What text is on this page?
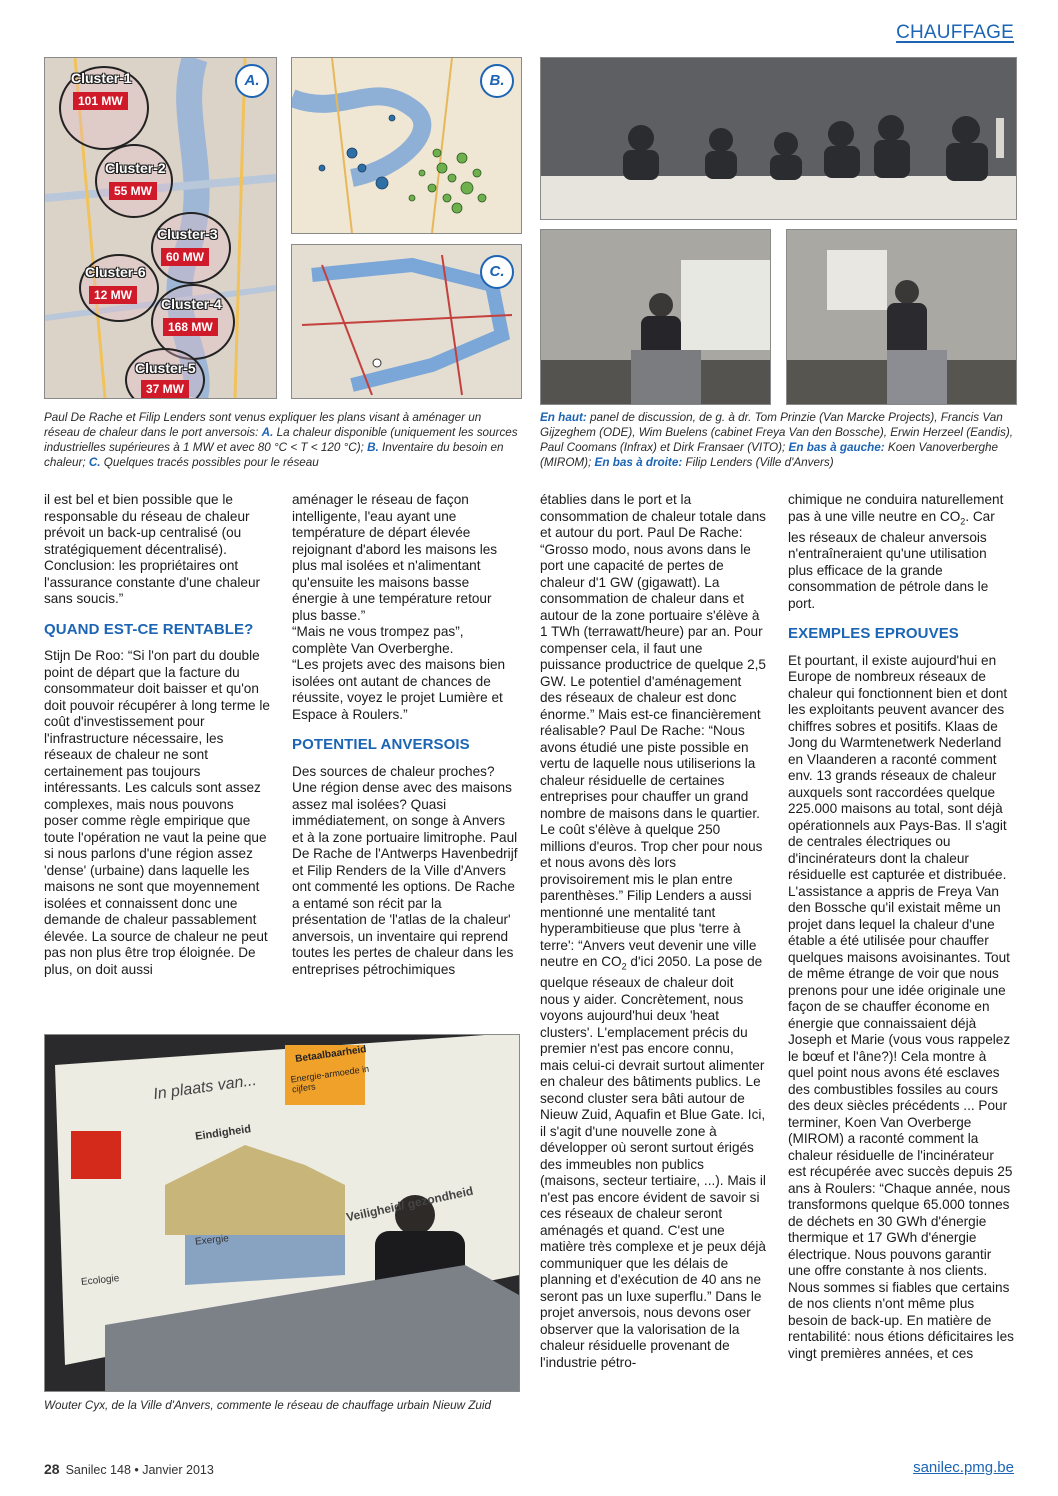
CHAUFFAGE
Cluster-1
101 MW
Cluster-2
55 MW
Cluster-3
60 MW
Cluster-6
12 MW
Cluster-4
168 MW
Cluster-5
37 MW
A.	B.
C.
Paul De Rache et Filip Lenders sont venus expliquer les plans visant à aménager un réseau de chaleur dans le port anversois: A. La chaleur disponible (uniquement les sources industrielles supérieures à 1 MW et avec 80 °C < T < 120 °C); B. Inventaire du besoin en chaleur; C. Quelques tracés possibles pour le réseau
En haut: panel de discussion, de g. à dr. Tom Prinzie (Van Marcke Projects), Francis Van Gijzeghem (ODE), Wim Buelens (cabinet Freya Van den Bossche), Erwin Herzeel (Eandis), Paul Coomans (Infrax) et Dirk Fransaer (VITO); En bas à gauche: Koen Vanoverberghe (MIROM); En bas à droite: Filip Lenders (Ville d'Anvers)

il est bel et bien possible que le responsable du réseau de chaleur prévoit un back-up centralisé (ou stratégiquement décentralisé). Conclusion: les propriétaires ont l'assurance constante d'une chaleur sans soucis.”

QUAND EST-CE RENTABLE?

Stijn De Roo: “Si l'on part du double point de départ que la facture du consommateur doit baisser et qu'on doit pouvoir récupérer à long terme le coût d'investissement pour l'infrastructure nécessaire, les réseaux de chaleur ne sont certainement pas toujours intéressants. Les calculs sont assez complexes, mais nous pouvons poser comme règle empirique que toute l'opération ne vaut la peine que si nous parlons d'une région assez 'dense' (urbaine) dans laquelle les maisons ne sont que moyennement isolées et connaissent donc une demande de chaleur passablement élevée. La source de chaleur ne peut pas non plus être trop éloignée. De plus, on doit aussi

aménager le réseau de façon intelligente, l'eau ayant une température de départ élevée rejoignant d'abord les maisons les plus mal isolées et n'alimentant qu'ensuite les maisons basse énergie à une température retour plus basse.”

“Mais ne vous trompez pas”, complète Van Overberghe.

“Les projets avec des maisons bien isolées ont autant de chances de réussite, voyez le projet Lumière et Espace à Roulers.”

POTENTIEL ANVERSOIS

Des sources de chaleur proches? Une région dense avec des maisons assez mal isolées? Quasi immédiatement, on songe à Anvers et à la zone portuaire limitrophe. Paul De Rache de l'Antwerps Havenbedrijf et Filip Renders de la Ville d'Anvers ont commenté les options. De Rache a entamé son récit par la présentation de 'l'atlas de la chaleur' anversois, un inventaire qui reprend toutes les pertes de chaleur dans les entreprises pétrochimiques

In plaats van...
Eindigheid
Veiligheid/ gezondheid
Exergie
Ecologie
Betaalbaarheid
Energie-armoede in cijfers
Wouter Cyx, de la Ville d'Anvers, commente le réseau de chauffage urbain Nieuw Zuid

établies dans le port et la consommation de chaleur totale dans et autour du port. Paul De Rache: “Grosso modo, nous avons dans le port une capacité de pertes de chaleur d'1 GW (gigawatt). La consommation de chaleur dans et autour de la zone portuaire s'élève à 1 TWh (terrawatt/heure) par an. Pour compenser cela, il faut une puissance productrice de quelque 2,5 GW. Le potentiel d'aménagement des réseaux de chaleur est donc énorme.” Mais est-ce financièrement réalisable? Paul De Rache: “Nous avons étudié une piste possible en vertu de laquelle nous utiliserions la chaleur résiduelle de certaines entreprises pour chauffer un grand nombre de maisons dans le quartier. Le coût s'élève à quelque 250 millions d'euros. Trop cher pour nous et nous avons dès lors provisoirement mis le plan entre parenthèses.” Filip Lenders a aussi mentionné une mentalité tant hyperambitieuse que plus 'terre à terre': “Anvers veut devenir une ville neutre en $CO_2$ d'ici 2050. La pose de quelque réseaux de chaleur doit nous y aider. Concrètement, nous voyons aujourd'hui deux 'heat clusters'. L'emplacement précis du premier n'est pas encore connu, mais celui-ci devrait surtout alimenter en chaleur des bâtiments publics. Le second cluster sera bâti autour de Nieuw Zuid, Aquafin et Blue Gate. Ici, il s'agit d'une nouvelle zone à développer où seront surtout érigés des immeubles non publics (maisons, secteur tertiaire, ...). Mais il n'est pas encore évident de savoir si ces réseaux de chaleur seront aménagés et quand. C'est une matière très complexe et je peux déjà communiquer que les délais de planning et d'exécution de 40 ans ne seront pas un luxe superflu.” Dans le projet anversois, nous devons oser observer que la valorisation de la chaleur résiduelle provenant de l'industrie pétro-

chimique ne conduira naturellement pas à une ville neutre en $CO_2$. Car les réseaux de chaleur anversois n'entraîneraient qu'une utilisation plus efficace de la grande consommation de pétrole dans le port.

EXEMPLES EPROUVES

Et pourtant, il existe aujourd'hui en Europe de nombreux réseaux de chaleur qui fonctionnent bien et dont les exploitants peuvent avancer des chiffres sobres et positifs. Klaas de Jong du Warmtenetwerk Nederland en Vlaanderen a raconté comment env. 13 grands réseaux de chaleur auxquels sont raccordées quelque 225.000 maisons au total, sont déjà opérationnels aux Pays-Bas. Il s'agit de centrales électriques ou d'incinérateurs dont la chaleur résiduelle est capturée et distribuée. L'assistance a appris de Freya Van den Bossche qu'il existait même un projet dans lequel la chaleur d'une étable a été utilisée pour chauffer quelques maisons avoisinantes. Tout de même étrange de voir que nous prenons pour une idée originale une façon de se chauffer économe en énergie que connaissaient déjà Joseph et Marie (vous vous rappelez le bœuf et l'âne?)! Cela montre à quel point nous avons été esclaves des combustibles fossiles au cours des deux siècles précédents ... Pour terminer, Koen Van Overberge (MIROM) a raconté comment la chaleur résiduelle de l'incinérateur est récupérée avec succès depuis 25 ans à Roulers: “Chaque année, nous transformons quelque 65.000 tonnes de déchets en 30 GWh d'énergie thermique et 17 GWh d'énergie électrique. Nous pouvons garantir une offre constante à nos clients. Nous sommes si fiables que certains de nos clients n'ont même plus besoin de back-up. En matière de rentabilité: nous étions déficitaires les vingt premières années, et ces

28 Sanilec 148 • Janvier 2013	sanilec.pmg.be
